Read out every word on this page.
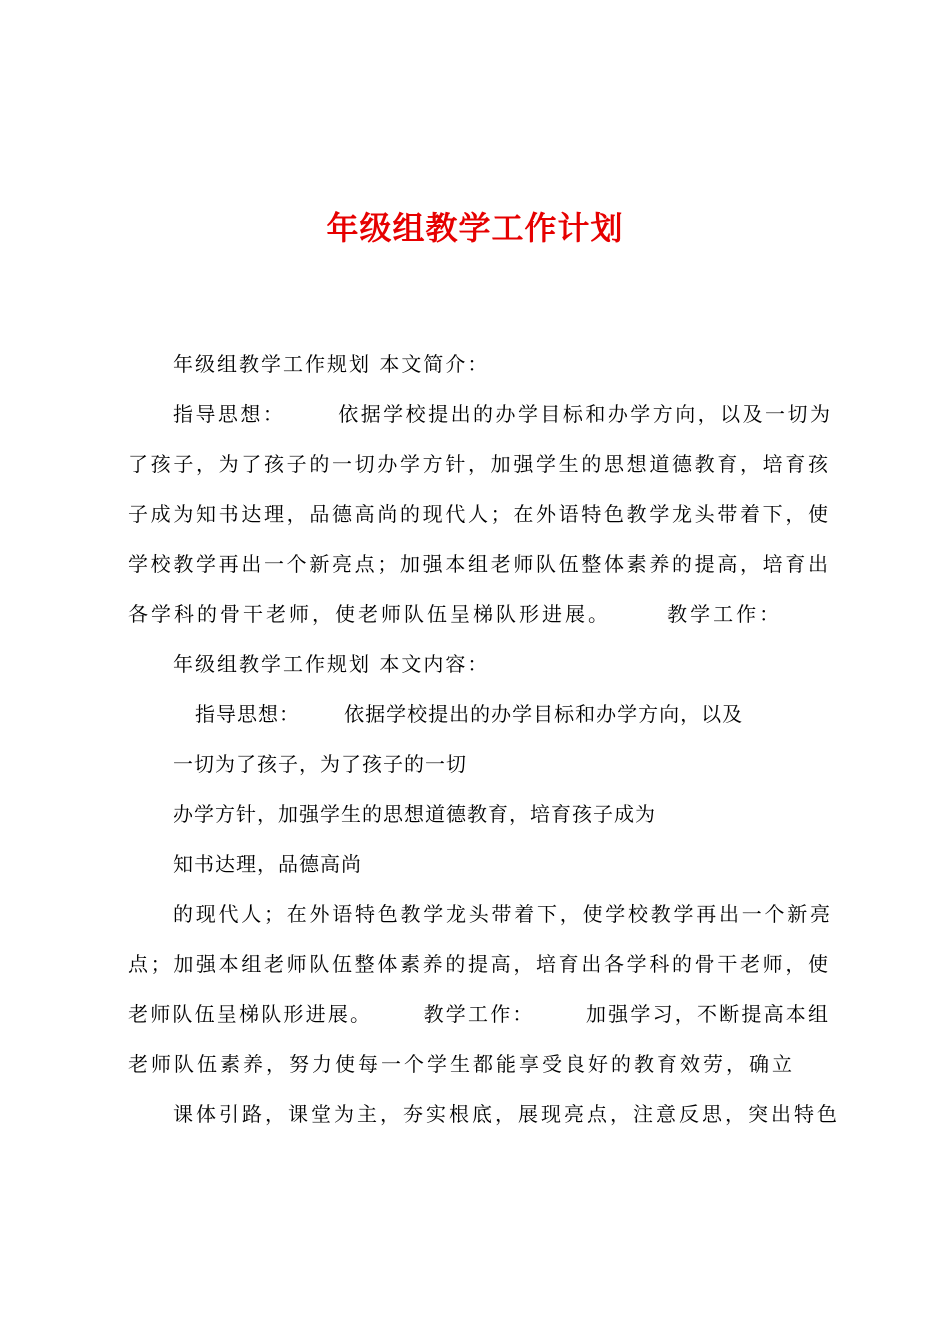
年级组教学工作计划
年级组教学工作规划 本文简介：
指导思想：      依据学校提出的办学目标和办学方向，以及一切为
了孩子，为了孩子的一切办学方针，加强学生的思想道德教育，培育孩
子成为知书达理，品德高尚的现代人；在外语特色教学龙头带着下，使
学校教学再出一个新亮点；加强本组老师队伍整体素养的提高，培育出
各学科的骨干老师，使老师队伍呈梯队形进展。      教学工作：
年级组教学工作规划 本文内容：
指导思想：      依据学校提出的办学目标和办学方向，以及
一切为了孩子，为了孩子的一切
办学方针，加强学生的思想道德教育，培育孩子成为
知书达理，品德高尚
的现代人；在外语特色教学龙头带着下，使学校教学再出一个新亮
点；加强本组老师队伍整体素养的提高，培育出各学科的骨干老师，使
老师队伍呈梯队形进展。      教学工作：      加强学习，不断提高本组
老师队伍素养，努力使每一个学生都能享受良好的教育效劳，确立
课体引路，课堂为主，夯实根底，展现亮点，注意反思，突出特色
